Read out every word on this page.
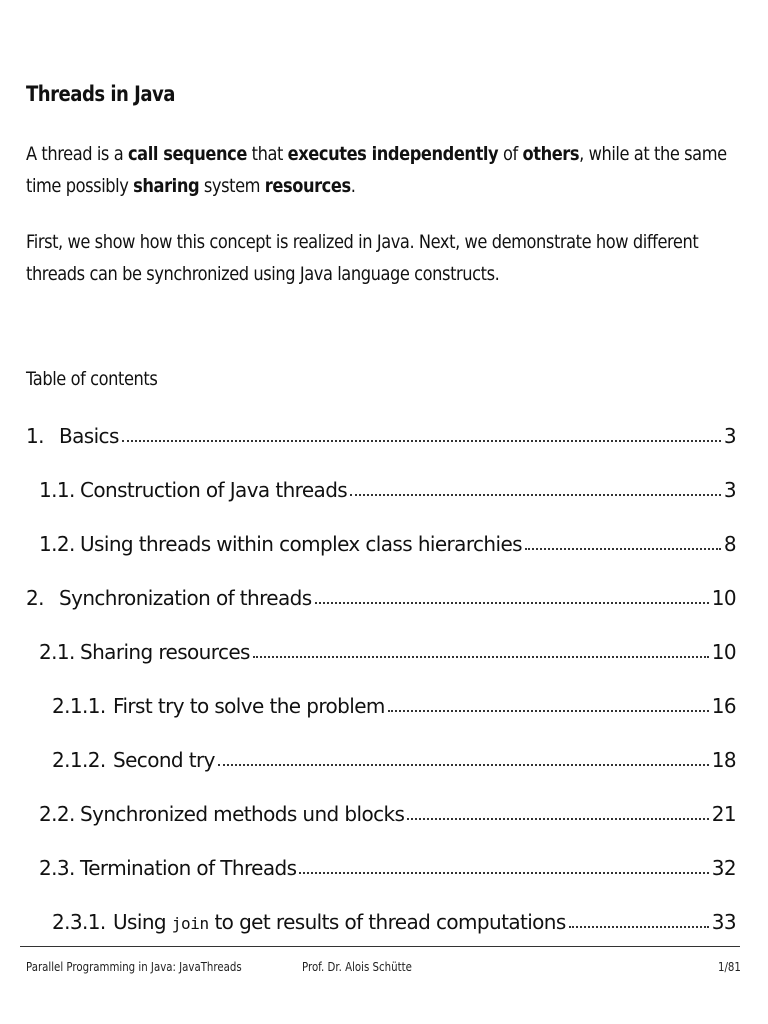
Threads in Java

A thread is a call sequence that executes independently of others, while at the same time possibly sharing system resources.

First, we show how this concept is realized in Java. Next, we demonstrate how different threads can be synchronized using Java language constructs.

Table of contents
1. Basics	3
1.1. Construction of Java threads	3
1.2. Using threads within complex class hierarchies	8
2. Synchronization of threads	10
2.1. Sharing resources	10
2.1.1. First try to solve the problem	16
2.1.2. Second try	18
2.2. Synchronized methods und blocks	21
2.3. Termination of Threads	32
2.3.1. Using join to get results of thread computations	33
Parallel Programming in Java: JavaThreads	Prof. Dr. Alois Schütte	1/81
